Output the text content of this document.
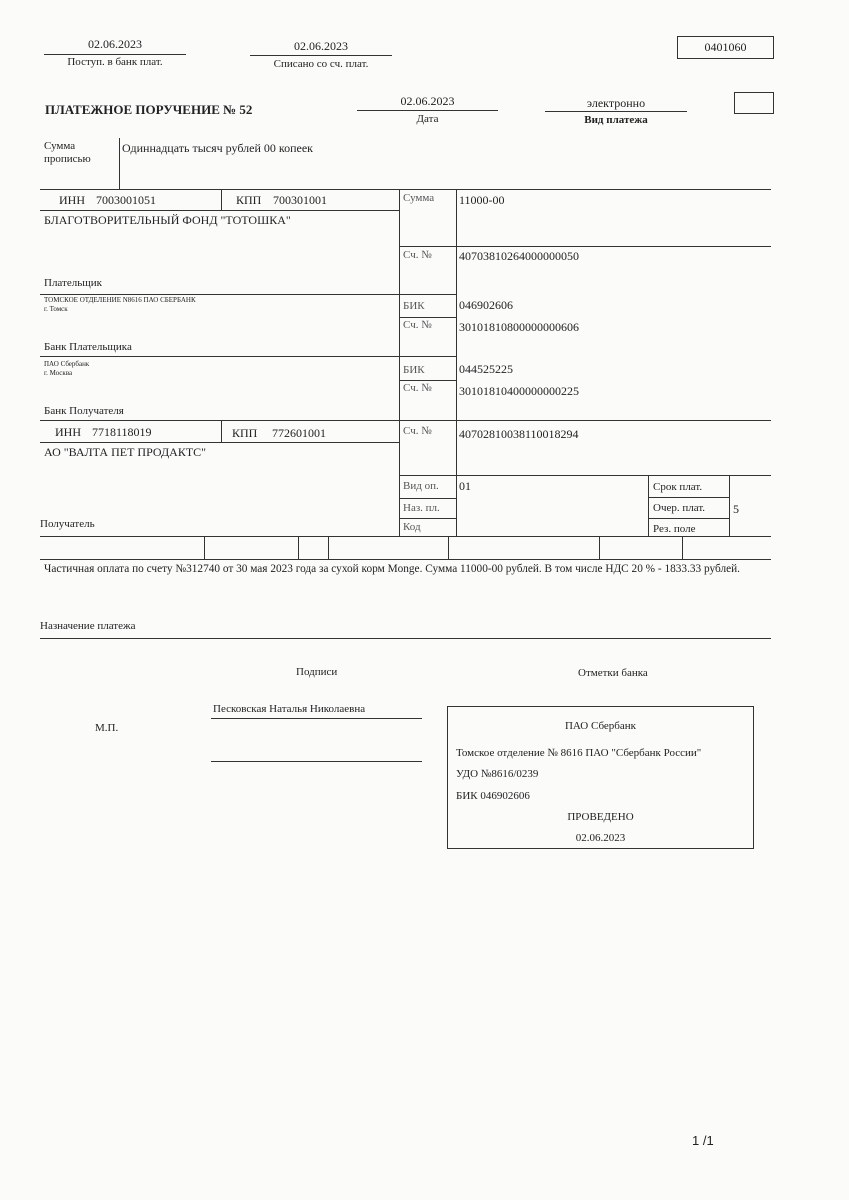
02.06.2023
Поступ. в банк плат.
02.06.2023
Списано со сч. плат.
0401060
ПЛАТЕЖНОЕ ПОРУЧЕНИЕ № 52
02.06.2023
Дата
электронно
Вид платежа
Сумма
прописью
Одиннадцать тысяч рублей 00 копеек
ИНН 7003001051	КПП 700301001
БЛАГОТВОРИТЕЛЬНЫЙ ФОНД "ТОТОШКА"
Плательщик
Сумма 11000-00
Сч. № 40703810264000000050
ТОМСКОЕ ОТДЕЛЕНИЕ N8616 ПАО СБЕРБАНК
г. Томск
Банк Плательщика
БИК	046902606
Сч. № 30101810800000000606
ПАО Сбербанк
г. Москва
Банк Получателя
БИК	044525225
Сч. № 30101810400000000225
ИНН 7718118019	КПП 772601001
АО "ВАЛТА ПЕТ ПРОДАКТС"
Получатель
Сч. № 40702810038110018294
Вид оп. 01
Наз. пл.
Код
Срок плат.
Очер. плат. 5
Рез. поле
Частичная оплата по счету №312740 от 30 мая 2023 года за сухой корм Monge. Сумма 11000-00 рублей. В том числе НДС 20 % - 1833.33 рублей.
Назначение платежа
Подписи	Отметки банка
М.П.
Песковская Наталья Николаевна
ПАО Сбербанк
Томское отделение № 8616 ПАО "Сбербанк России"
УДО №8616/0239
БИК 046902606
ПРОВЕДЕНО
02.06.2023
1 /1
